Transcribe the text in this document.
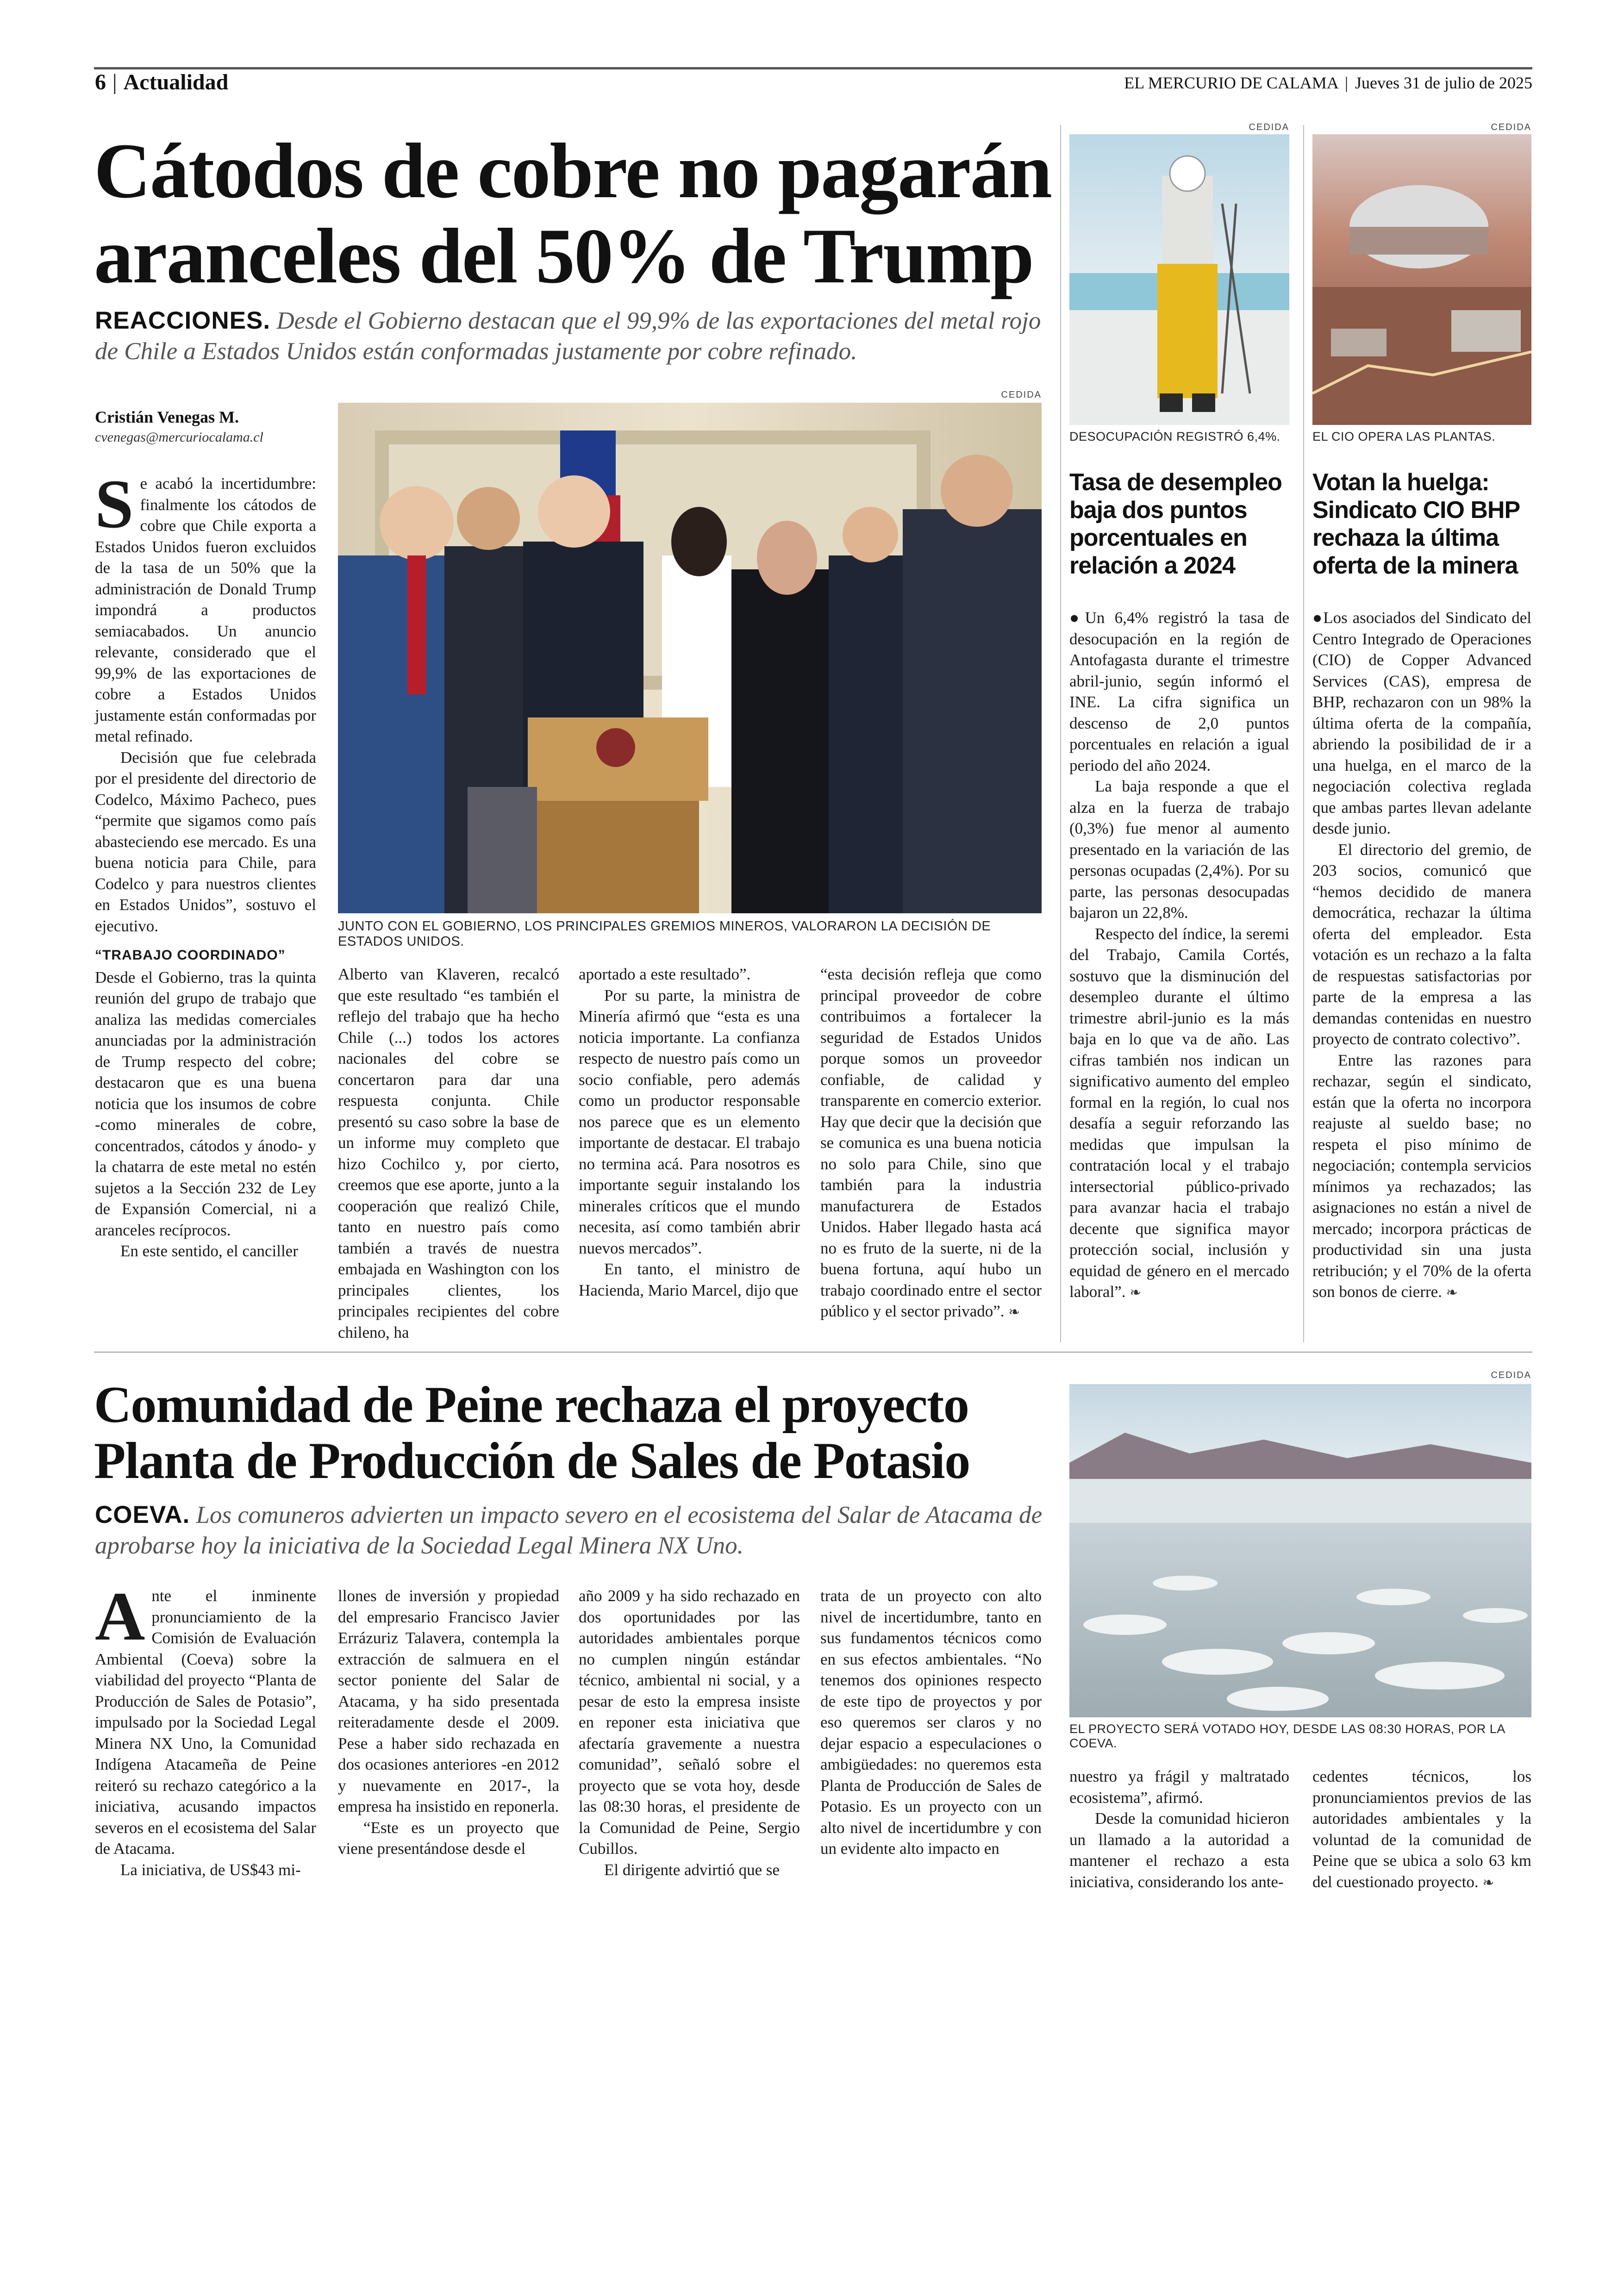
6 | Actualidad	EL MERCURIO DE CALAMA | Jueves 31 de julio de 2025
Cátodos de cobre no pagarán
aranceles del 50% de Trump
REACCIONES. Desde el Gobierno destacan que el 99,9% de las exportaciones del metal rojo de Chile a Estados Unidos están conformadas justamente por cobre refinado.
Cristián Venegas M.
cvenegas@mercuriocalama.cl
CEDIDA
JUNTO CON EL GOBIERNO, LOS PRINCIPALES GREMIOS MINEROS, VALORARON LA DECISIÓN DE ESTADOS UNIDOS.

Se acabó la incertidumbre: finalmente los cátodos de cobre que Chile exporta a Estados Unidos fueron excluidos de la tasa de un 50% que la administración de Donald Trump impondrá a productos semiacabados. Un anuncio relevante, considerado que el 99,9% de las exportaciones de cobre a Estados Unidos justamente están conformadas por metal refinado.

Decisión que fue celebrada por el presidente del directorio de Codelco, Máximo Pacheco, pues “permite que sigamos como país abasteciendo ese mercado. Es una buena noticia para Chile, para Codelco y para nuestros clientes en Estados Unidos”, sostuvo el ejecutivo.

“TRABAJO COORDINADO”

Desde el Gobierno, tras la quinta reunión del grupo de trabajo que analiza las medidas comerciales anunciadas por la administración de Trump respecto del cobre; destacaron que es una buena noticia que los insumos de cobre -como minerales de cobre, concentrados, cátodos y ánodo- y la chatarra de este metal no estén sujetos a la Sección 232 de Ley de Expansión Comercial, ni a aranceles recíprocos.

En este sentido, el canciller

Alberto van Klaveren, recalcó que este resultado “es también el reflejo del trabajo que ha hecho Chile (...) todos los actores nacionales del cobre se concertaron para dar una respuesta conjunta. Chile presentó su caso sobre la base de un informe muy completo que hizo Cochilco y, por cierto, creemos que ese aporte, junto a la cooperación que realizó Chile, tanto en nuestro país como también a través de nuestra embajada en Washington con los principales clientes, los principales recipientes del cobre chileno, ha

aportado a este resultado”.

Por su parte, la ministra de Minería afirmó que “esta es una noticia importante. La confianza respecto de nuestro país como un socio confiable, pero además como un productor responsable nos parece que es un elemento importante de destacar. El trabajo no termina acá. Para nosotros es importante seguir instalando los minerales críticos que el mundo necesita, así como también abrir nuevos mercados”.

En tanto, el ministro de Hacienda, Mario Marcel, dijo que

“esta decisión refleja que como principal proveedor de cobre contribuimos a fortalecer la seguridad de Estados Unidos porque somos un proveedor confiable, de calidad y transparente en comercio exterior. Hay que decir que la decisión que se comunica es una buena noticia no solo para Chile, sino que también para la industria manufacturera de Estados Unidos. Haber llegado hasta acá no es fruto de la suerte, ni de la buena fortuna, aquí hubo un trabajo coordinado entre el sector público y el sector privado”. ❧

CEDIDA
DESOCUPACIÓN REGISTRÓ 6,4%.
Tasa de desempleo baja dos puntos porcentuales en relación a 2024

●Un 6,4% registró la tasa de desocupación en la región de Antofagasta durante el trimestre abril-junio, según informó el INE. La cifra significa un descenso de 2,0 puntos porcentuales en relación a igual periodo del año 2024.

La baja responde a que el alza en la fuerza de trabajo (0,3%) fue menor al aumento presentado en la variación de las personas ocupadas (2,4%). Por su parte, las personas desocupadas bajaron un 22,8%.

Respecto del índice, la seremi del Trabajo, Camila Cortés, sostuvo que la disminución del desempleo durante el último trimestre abril-junio es la más baja en lo que va de año. Las cifras también nos indican un significativo aumento del empleo formal en la región, lo cual nos desafía a seguir reforzando las medidas que impulsan la contratación local y el trabajo intersectorial público-privado para avanzar hacia el trabajo decente que significa mayor protección social, inclusión y equidad de género en el mercado laboral”. ❧

CEDIDA
EL CIO OPERA LAS PLANTAS.
Votan la huelga: Sindicato CIO BHP rechaza la última oferta de la minera

●Los asociados del Sindicato del Centro Integrado de Operaciones (CIO) de Copper Advanced Services (CAS), empresa de BHP, rechazaron con un 98% la última oferta de la compañía, abriendo la posibilidad de ir a una huelga, en el marco de la negociación colectiva reglada que ambas partes llevan adelante desde junio.

El directorio del gremio, de 203 socios, comunicó que “hemos decidido de manera democrática, rechazar la última oferta del empleador. Esta votación es un rechazo a la falta de respuestas satisfactorias por parte de la empresa a las demandas contenidas en nuestro proyecto de contrato colectivo”.

Entre las razones para rechazar, según el sindicato, están que la oferta no incorpora reajuste al sueldo base; no respeta el piso mínimo de negociación; contempla servicios mínimos ya rechazados; las asignaciones no están a nivel de mercado; incorpora prácticas de productividad sin una justa retribución; y el 70% de la oferta son bonos de cierre. ❧

Comunidad de Peine rechaza el proyecto
Planta de Producción de Sales de Potasio
COEVA. Los comuneros advierten un impacto severo en el ecosistema del Salar de Atacama de aprobarse hoy la iniciativa de la Sociedad Legal Minera NX Uno.
CEDIDA
EL PROYECTO SERÁ VOTADO HOY, DESDE LAS 08:30 HORAS, POR LA COEVA.

Ante el inminente pronunciamiento de la Comisión de Evaluación Ambiental (Coeva) sobre la viabilidad del proyecto “Planta de Producción de Sales de Potasio”, impulsado por la Sociedad Legal Minera NX Uno, la Comunidad Indígena Atacameña de Peine reiteró su rechazo categórico a la iniciativa, acusando impactos severos en el ecosistema del Salar de Atacama.

La iniciativa, de US$43 mi-

llones de inversión y propiedad del empresario Francisco Javier Errázuriz Talavera, contempla la extracción de salmuera en el sector poniente del Salar de Atacama, y ha sido presentada reiteradamente desde el 2009. Pese a haber sido rechazada en dos ocasiones anteriores -en 2012 y nuevamente en 2017-, la empresa ha insistido en reponerla.

“Este es un proyecto que viene presentándose desde el

año 2009 y ha sido rechazado en dos oportunidades por las autoridades ambientales porque no cumplen ningún estándar técnico, ambiental ni social, y a pesar de esto la empresa insiste en reponer esta iniciativa que afectaría gravemente a nuestra comunidad”, señaló sobre el proyecto que se vota hoy, desde las 08:30 horas, el presidente de la Comunidad de Peine, Sergio Cubillos.

El dirigente advirtió que se

trata de un proyecto con alto nivel de incertidumbre, tanto en sus fundamentos técnicos como en sus efectos ambientales. “No tenemos dos opiniones respecto de este tipo de proyectos y por eso queremos ser claros y no dejar espacio a especulaciones o ambigüedades: no queremos esta Planta de Producción de Sales de Potasio. Es un proyecto con un alto nivel de incertidumbre y con un evidente alto impacto en

nuestro ya frágil y maltratado ecosistema”, afirmó.

Desde la comunidad hicieron un llamado a la autoridad a mantener el rechazo a esta iniciativa, considerando los ante-

cedentes técnicos, los pronunciamientos previos de las autoridades ambientales y la voluntad de la comunidad de Peine que se ubica a solo 63 km del cuestionado proyecto. ❧
